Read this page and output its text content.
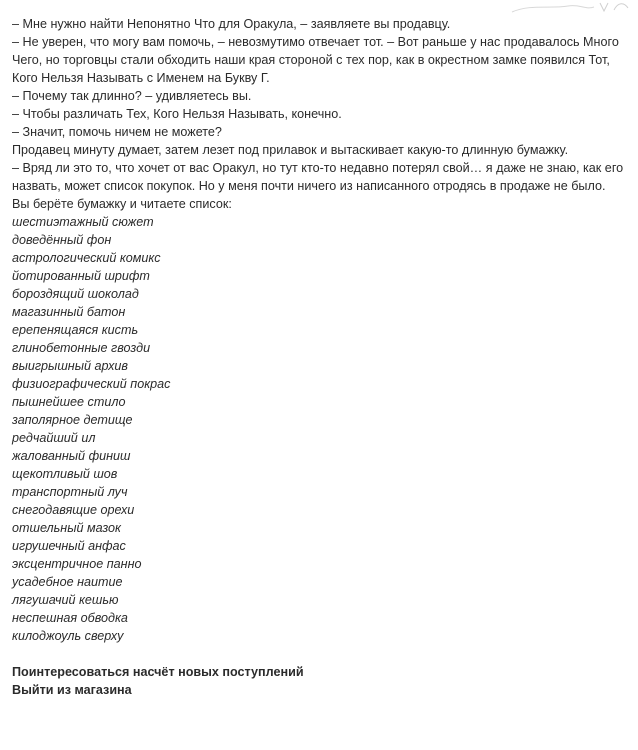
– Мне нужно найти Непонятно Что для Оракула, – заявляете вы продавцу.
– Не уверен, что могу вам помочь, – невозмутимо отвечает тот. – Вот раньше у нас продавалось Много Чего, но торговцы стали обходить наши края стороной с тех пор, как в окрестном замке появился Тот, Кого Нельзя Называть с Именем на Букву Г.
– Почему так длинно? – удивляетесь вы.
– Чтобы различать Тех, Кого Нельзя Называть, конечно.
– Значит, помочь ничем не можете?
Продавец минуту думает, затем лезет под прилавок и вытаскивает какую-то длинную бумажку.
– Вряд ли это то, что хочет от вас Оракул, но тут кто-то недавно потерял свой… я даже не знаю, как его назвать, может список покупок. Но у меня почти ничего из написанного отродясь в продаже не было.
Вы берёте бумажку и читаете список:
шестиэтажный сюжет
доведённый фон
астрологический комикс
йотированный шрифт
бороздящий шоколад
магазинный батон
ерепенящаяся кисть
глинобетонные гвозди
выигрышный архив
физиографический покрас
пышнейшее стило
заполярное детище
редчайший ил
жалованный финиш
щекотливый шов
транспортный луч
снегодавящие орехи
отшельный мазок
игрушечный анфас
эксцентричное панно
усадебное наитие
лягушачий кешью
неспешная обводка
килоджоуль сверху
Поинтересоваться насчёт новых поступлений
Выйти из магазина
